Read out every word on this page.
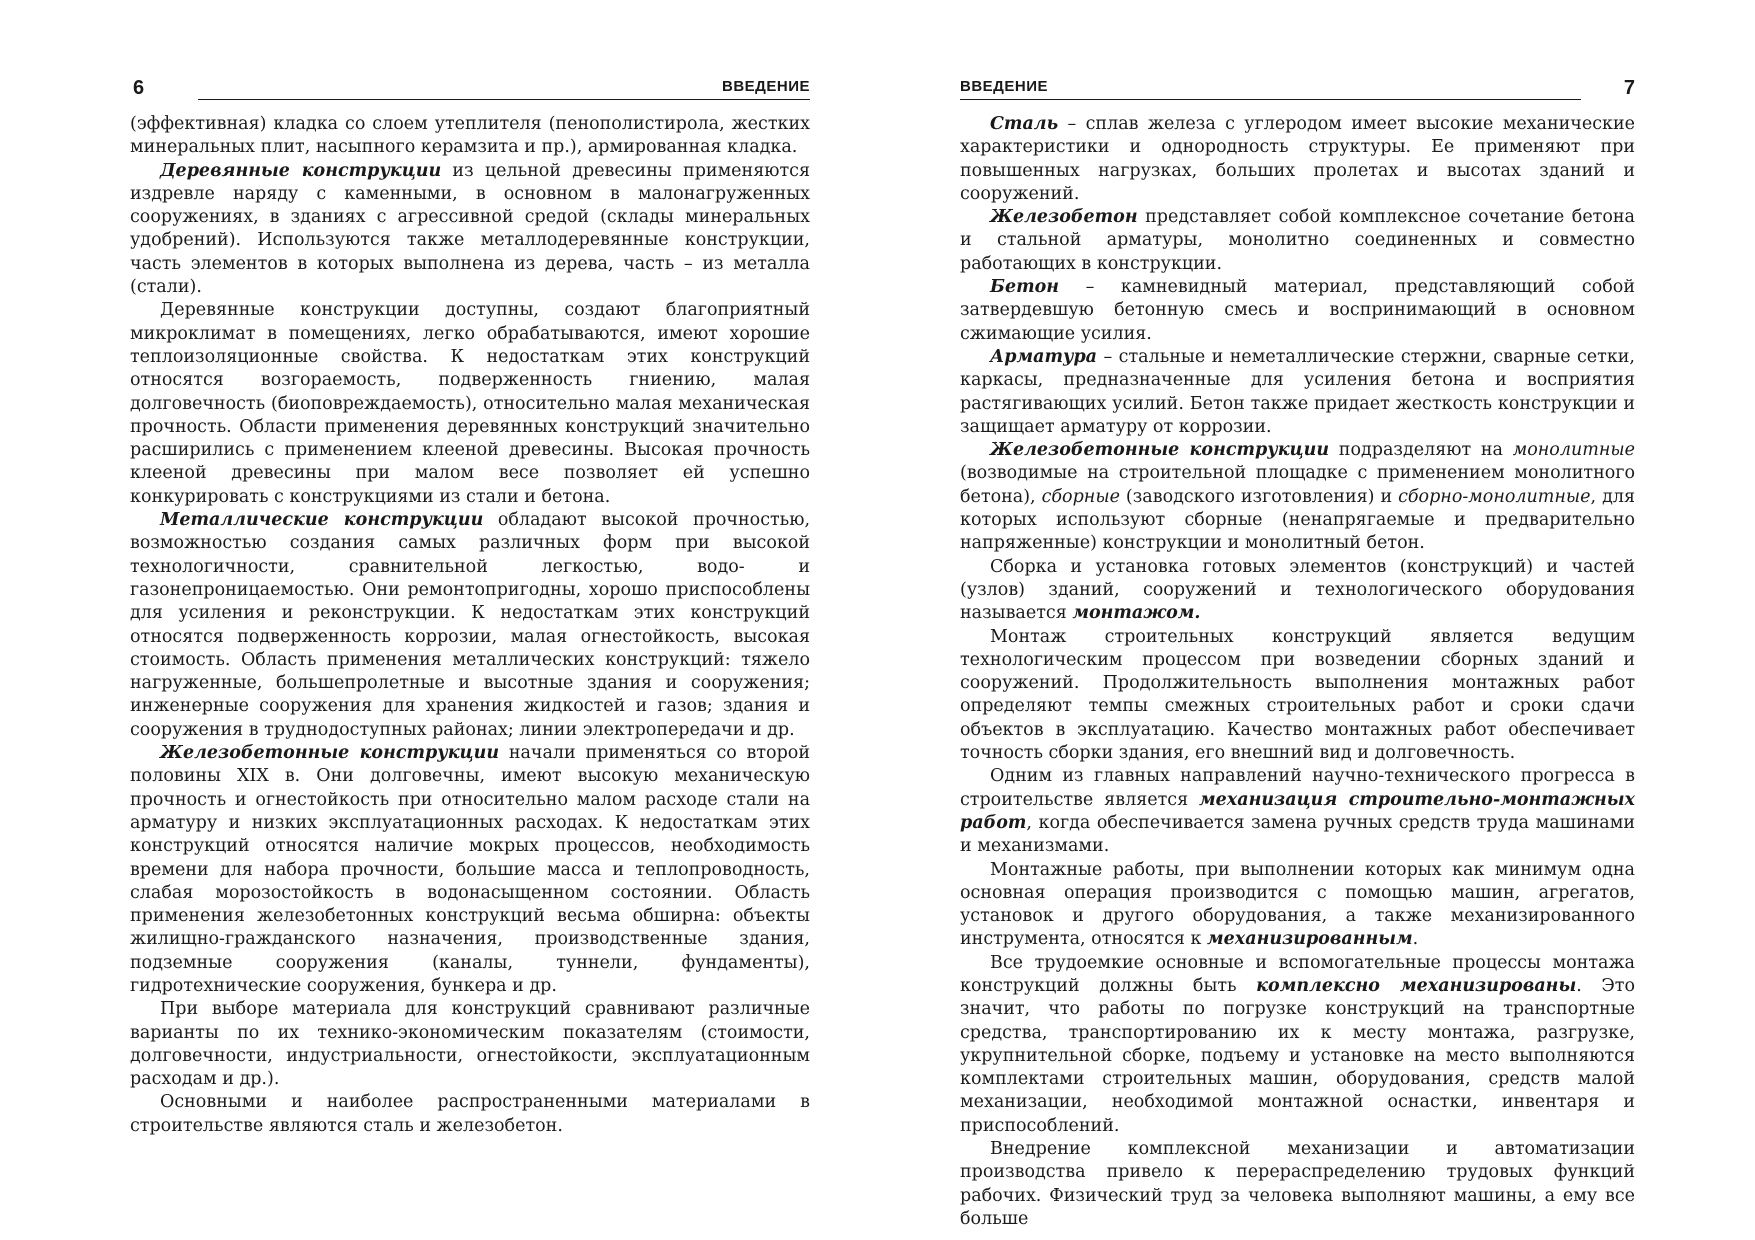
6	ВВЕДЕНИЕ

(эффективная) кладка со слоем утеплителя (пенополистирола, жестких минеральных плит, насыпного керамзита и пр.), армированная кладка.

Деревянные конструкции из цельной древесины применяются издревле наряду с каменными, в основном в малонагруженных сооружениях, в зданиях с агрессивной средой (склады минеральных удобрений). Используются также металлодеревянные конструкции, часть элементов в которых выполнена из дерева, часть – из металла (стали).

Деревянные конструкции доступны, создают благоприятный микроклимат в помещениях, легко обрабатываются, имеют хорошие теплоизоляционные свойства. К недостаткам этих конструкций относятся возгораемость, подверженность гниению, малая долговечность (биоповреждаемость), относительно малая механическая прочность. Области применения деревянных конструкций значительно расширились с применением клееной древесины. Высокая прочность клееной древесины при малом весе позволяет ей успешно конкурировать с конструкциями из стали и бетона.

Металлические конструкции обладают высокой прочностью, возможностью создания самых различных форм при высокой технологичности, сравнительной легкостью, водо- и газонепроницаемостью. Они ремонтопригодны, хорошо приспособлены для усиления и реконструкции. К недостаткам этих конструкций относятся подверженность коррозии, малая огнестойкость, высокая стоимость. Область применения металлических конструкций: тяжело нагруженные, большепролетные и высотные здания и сооружения; инженерные сооружения для хранения жидкостей и газов; здания и сооружения в труднодоступных районах; линии электропередачи и др.

Железобетонные конструкции начали применяться со второй половины XIX в. Они долговечны, имеют высокую механическую прочность и огнестойкость при относительно малом расходе стали на арматуру и низких эксплуатационных расходах. К недостаткам этих конструкций относятся наличие мокрых процессов, необходимость времени для набора прочности, большие масса и теплопроводность, слабая морозостойкость в водонасыщенном состоянии. Область применения железобетонных конструкций весьма обширна: объекты жилищно-гражданского назначения, производственные здания, подземные сооружения (каналы, туннели, фундаменты), гидротехнические сооружения, бункера и др.

При выборе материала для конструкций сравнивают различные варианты по их технико-экономическим показателям (стоимости, долговечности, индустриальности, огнестойкости, эксплуатационным расходам и др.).

Основными и наиболее распространенными материалами в строительстве являются сталь и железобетон.

ВВЕДЕНИЕ	7

Сталь – сплав железа с углеродом имеет высокие механические характеристики и однородность структуры. Ее применяют при повышенных нагрузках, больших пролетах и высотах зданий и сооружений.

Железобетон представляет собой комплексное сочетание бетона и стальной арматуры, монолитно соединенных и совместно работающих в конструкции.

Бетон – камневидный материал, представляющий собой затвердевшую бетонную смесь и воспринимающий в основном сжимающие усилия.

Арматура – стальные и неметаллические стержни, сварные сетки, каркасы, предназначенные для усиления бетона и восприятия растягивающих усилий. Бетон также придает жесткость конструкции и защищает арматуру от коррозии.

Железобетонные конструкции подразделяют на монолитные (возводимые на строительной площадке с применением монолитного бетона), сборные (заводского изготовления) и сборно-монолитные, для которых используют сборные (ненапрягаемые и предварительно напряженные) конструкции и монолитный бетон.

Сборка и установка готовых элементов (конструкций) и частей (узлов) зданий, сооружений и технологического оборудования называется монтажом.

Монтаж строительных конструкций является ведущим технологическим процессом при возведении сборных зданий и сооружений. Продолжительность выполнения монтажных работ определяют темпы смежных строительных работ и сроки сдачи объектов в эксплуатацию. Качество монтажных работ обеспечивает точность сборки здания, его внешний вид и долговечность.

Одним из главных направлений научно-технического прогресса в строительстве является механизация строительно-монтажных работ, когда обеспечивается замена ручных средств труда машинами и механизмами.

Монтажные работы, при выполнении которых как минимум одна основная операция производится с помощью машин, агрегатов, установок и другого оборудования, а также механизированного инструмента, относятся к механизированным.

Все трудоемкие основные и вспомогательные процессы монтажа конструкций должны быть комплексно механизированы. Это значит, что работы по погрузке конструкций на транспортные средства, транспортированию их к месту монтажа, разгрузке, укрупнительной сборке, подъему и установке на место выполняются комплектами строительных машин, оборудования, средств малой механизации, необходимой монтажной оснастки, инвентаря и приспособлений.

Внедрение комплексной механизации и автоматизации производства привело к перераспределению трудовых функций рабочих. Физический труд за человека выполняют машины, а ему все больше
